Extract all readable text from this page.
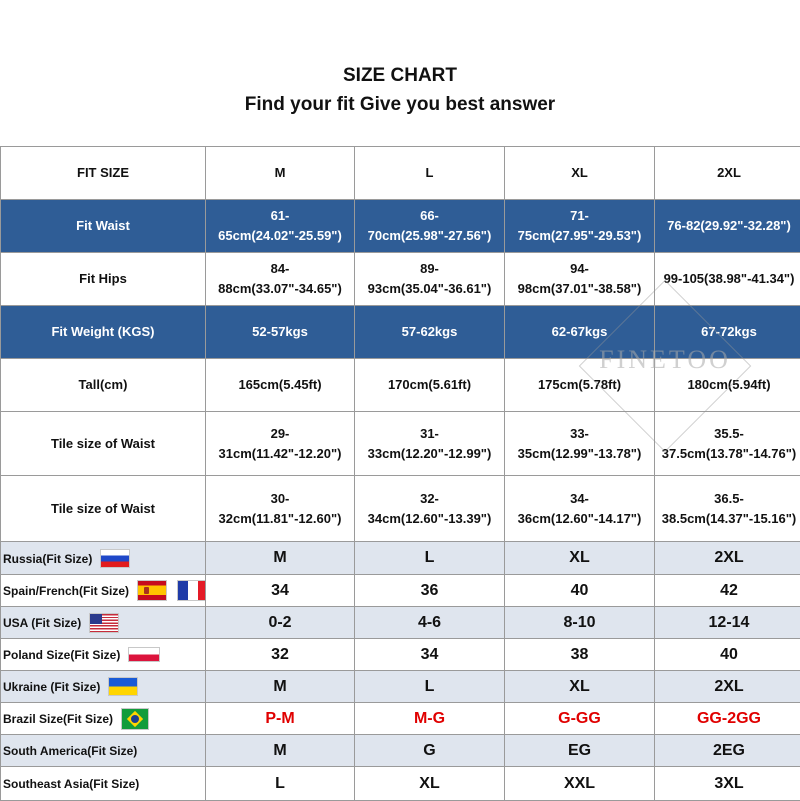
SIZE CHART
Find your fit Give you best answer
FIT SIZE	M	L	XL	2XL
Fit Waist	61-65cm(24.02"-25.59")	66-70cm(25.98"-27.56")	71-75cm(27.95"-29.53")	76-82(29.92"-32.28")
Fit Hips	84-88cm(33.07"-34.65")	89-93cm(35.04"-36.61")	94-98cm(37.01"-38.58")	99-105(38.98"-41.34")
Fit Weight (KGS)	52-57kgs	57-62kgs	62-67kgs	67-72kgs
Tall(cm)	165cm(5.45ft)	170cm(5.61ft)	175cm(5.78ft)	180cm(5.94ft)
Tile size of Waist	29-31cm(11.42"-12.20")	31-33cm(12.20"-12.99")	33-35cm(12.99"-13.78")	35.5-37.5cm(13.78"-14.76")
Tile size of Waist	30-32cm(11.81"-12.60")	32-34cm(12.60"-13.39")	34-36cm(12.60"-14.17")	36.5-38.5cm(14.37"-15.16")
Russia(Fit Size)	M	L	XL	2XL
Spain/French(Fit Size)	34	36	40	42
USA (Fit Size)	0-2	4-6	8-10	12-14
Poland Size(Fit Size)	32	34	38	40
Ukraine (Fit Size)	M	L	XL	2XL
Brazil Size(Fit Size)	P-M	M-G	G-GG	GG-2GG
South America(Fit Size)	M	G	EG	2EG
Southeast Asia(Fit Size)	L	XL	XXL	3XL
FINETOO
